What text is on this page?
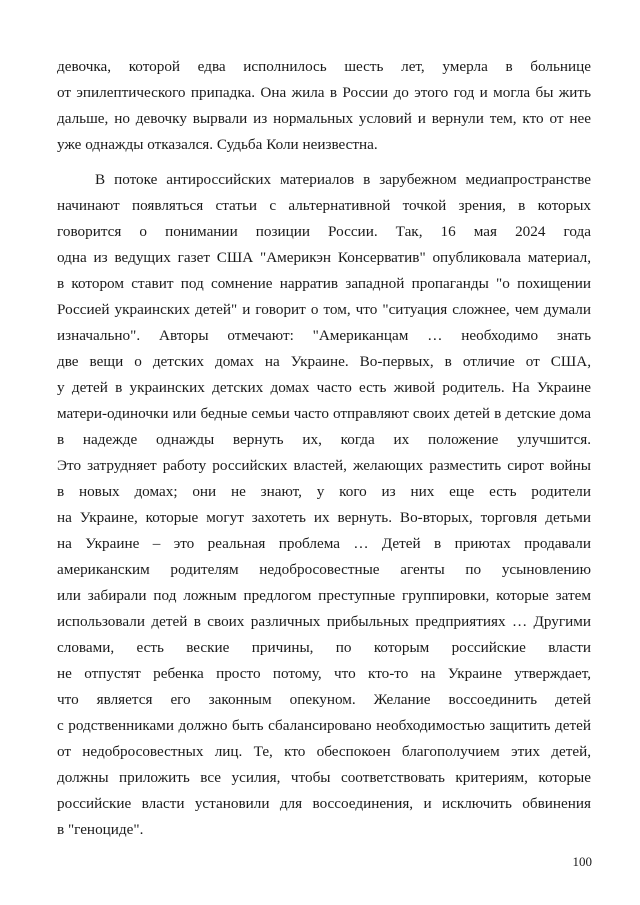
девочка, которой едва исполнилось шесть лет, умерла в больнице
от эпилептического припадка. Она жила в России до этого год и могла бы жить
дальше, но девочку вырвали из нормальных условий и вернули тем, кто от нее
уже однажды отказался. Судьба Коли неизвестна.
В потоке антироссийских материалов в зарубежном медиапространстве
начинают появляться статьи с альтернативной точкой зрения, в которых
говорится о понимании позиции России. Так, 16 мая 2024 года
одна из ведущих газет США "Америкэн Консерватив" опубликовала материал,
в котором ставит под сомнение нарратив западной пропаганды "о похищении
Россией украинских детей" и говорит о том, что "ситуация сложнее, чем думали
изначально". Авторы отмечают: "Американцам … необходимо знать
две вещи о детских домах на Украине. Во-первых, в отличие от США,
у детей в украинских детских домах часто есть живой родитель. На Украине
матери-одиночки или бедные семьи часто отправляют своих детей в детские дома
в надежде однажды вернуть их, когда их положение улучшится.
Это затрудняет работу российских властей, желающих разместить сирот войны
в новых домах; они не знают, у кого из них еще есть родители
на Украине, которые могут захотеть их вернуть. Во-вторых, торговля детьми
на Украине – это реальная проблема … Детей в приютах продавали
американским родителям недобросовестные агенты по усыновлению
или забирали под ложным предлогом преступные группировки, которые затем
использовали детей в своих различных прибыльных предприятиях … Другими
словами, есть веские причины, по которым российские власти
не отпустят ребенка просто потому, что кто-то на Украине утверждает,
что является его законным опекуном. Желание воссоединить детей
с родственниками должно быть сбалансировано необходимостью защитить детей
от недобросовестных лиц. Те, кто обеспокоен благополучием этих детей,
должны приложить все усилия, чтобы соответствовать критериям, которые
российские власти установили для воссоединения, и исключить обвинения
в "геноциде".
100
